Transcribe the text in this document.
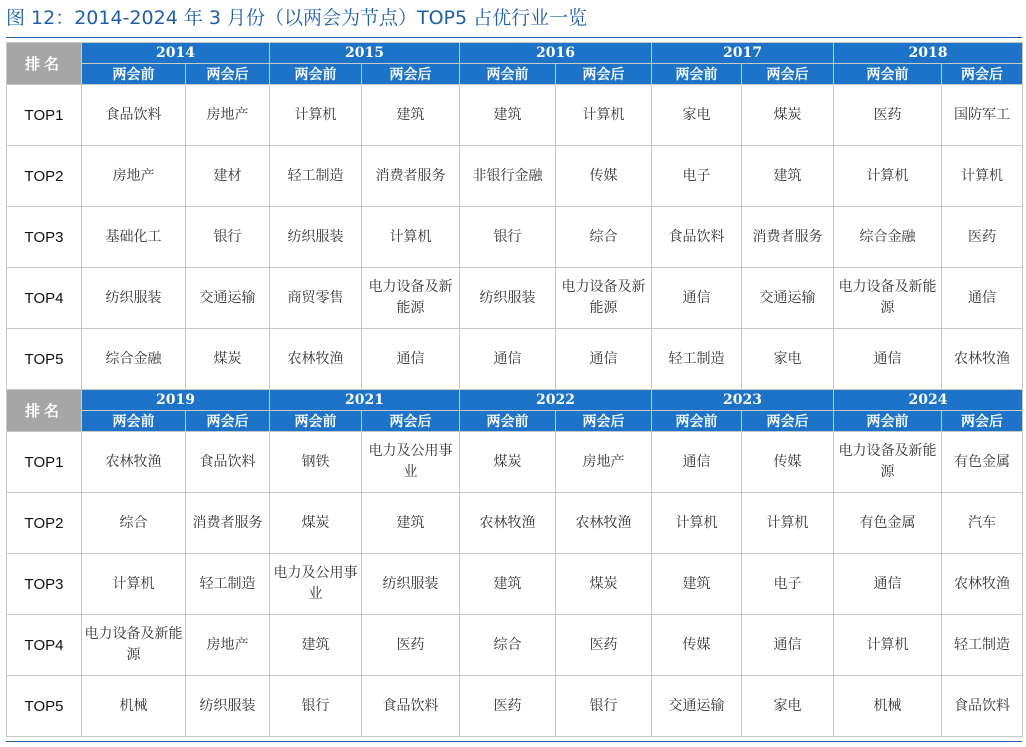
图 12：2014-2024 年 3 月份（以两会为节点）TOP5 占优行业一览
排名	2014		2015		2016		2017		2018	
	两会前	两会后	两会前	两会后	两会前	两会后	两会前	两会后	两会前	两会后
TOP1	食品饮料	房地产	计算机	建筑	建筑	计算机	家电	煤炭	医药	国防军工
TOP2	房地产	建材	轻工制造	消费者服务	非银行金融	传媒	电子	建筑	计算机	计算机
TOP3	基础化工	银行	纺织服装	计算机	银行	综合	食品饮料	消费者服务	综合金融	医药
TOP4	纺织服装	交通运输	商贸零售	电力设备及新能源	纺织服装	电力设备及新能源	通信	交通运输	电力设备及新能源	通信
TOP5	综合金融	煤炭	农林牧渔	通信	通信	通信	轻工制造	家电	通信	农林牧渔
排名	2019		2021		2022		2023		2024	
	两会前	两会后	两会前	两会后	两会前	两会后	两会前	两会后	两会前	两会后
TOP1	农林牧渔	食品饮料	钢铁	电力及公用事业	煤炭	房地产	通信	传媒	电力设备及新能源	有色金属
TOP2	综合	消费者服务	煤炭	建筑	农林牧渔	农林牧渔	计算机	计算机	有色金属	汽车
TOP3	计算机	轻工制造	电力及公用事业	纺织服装	建筑	煤炭	建筑	电子	通信	农林牧渔
TOP4	电力设备及新能源	房地产	建筑	医药	综合	医药	传媒	通信	计算机	轻工制造
TOP5	机械	纺织服装	银行	食品饮料	医药	银行	交通运输	家电	机械	食品饮料
